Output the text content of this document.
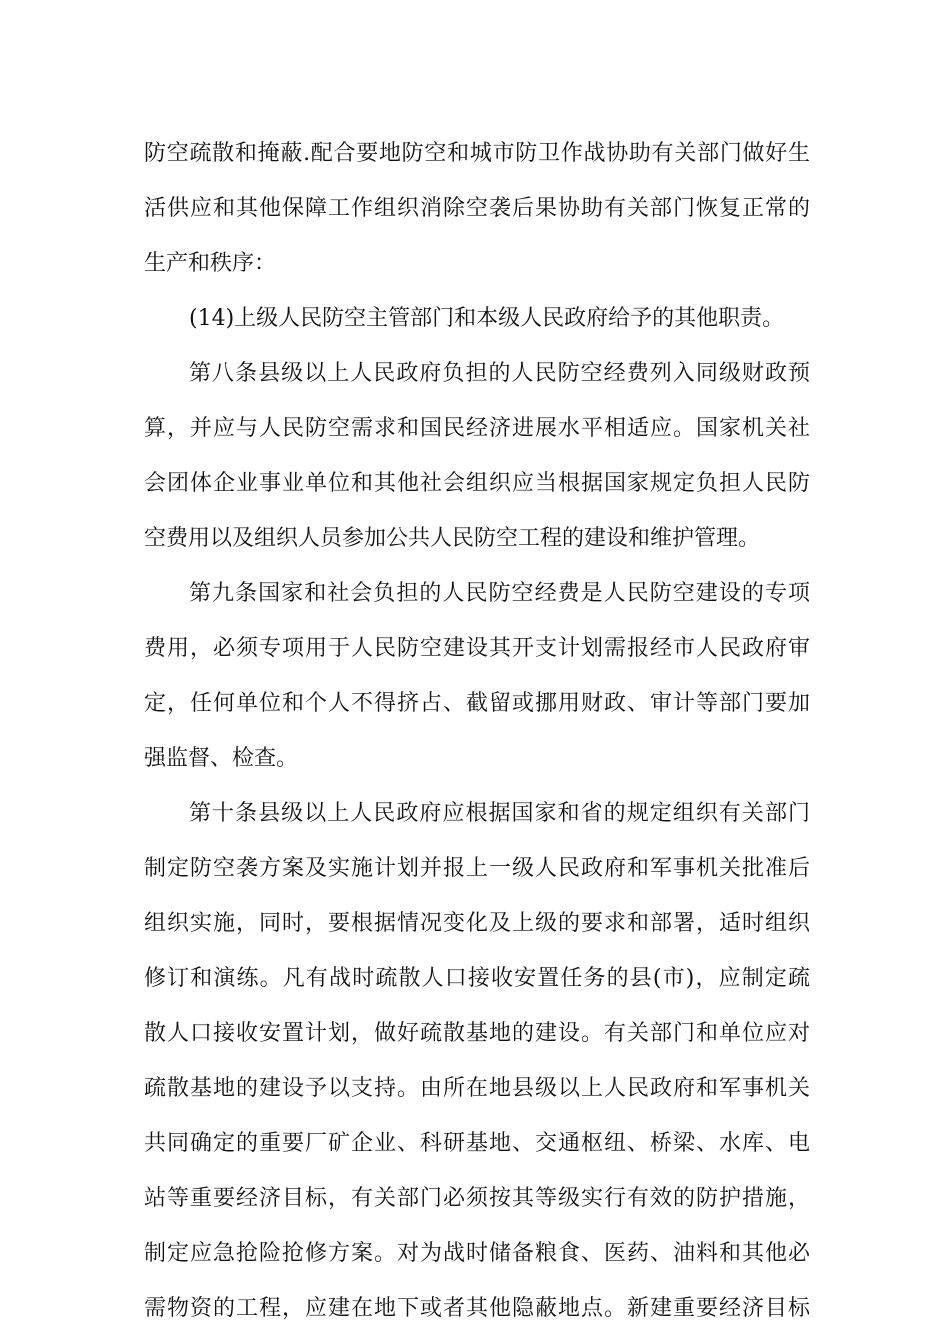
防空疏散和掩蔽.配合要地防空和城市防卫作战协助有关部门做好生
活供应和其他保障工作组织消除空袭后果协助有关部门恢复正常的
生产和秩序：
(14)上级人民防空主管部门和本级人民政府给予的其他职责。
第八条县级以上人民政府负担的人民防空经费列入同级财政预
算，并应与人民防空需求和国民经济进展水平相适应。国家机关社
会团体企业事业单位和其他社会组织应当根据国家规定负担人民防
空费用以及组织人员参加公共人民防空工程的建设和维护管理。
第九条国家和社会负担的人民防空经费是人民防空建设的专项
费用，必须专项用于人民防空建设其开支计划需报经市人民政府审
定，任何单位和个人不得挤占、截留或挪用财政、审计等部门要加
强监督、检查。
第十条县级以上人民政府应根据国家和省的规定组织有关部门
制定防空袭方案及实施计划并报上一级人民政府和军事机关批准后
组织实施，同时，要根据情况变化及上级的要求和部署，适时组织
修订和演练。凡有战时疏散人口接收安置任务的县(市)，应制定疏
散人口接收安置计划，做好疏散基地的建设。有关部门和单位应对
疏散基地的建设予以支持。由所在地县级以上人民政府和军事机关
共同确定的重要厂矿企业、科研基地、交通枢纽、桥梁、水库、电
站等重要经济目标，有关部门必须按其等级实行有效的防护措施，
制定应急抢险抢修方案。对为战时储备粮食、医药、油料和其他必
需物资的工程，应建在地下或者其他隐蔽地点。新建重要经济目标
